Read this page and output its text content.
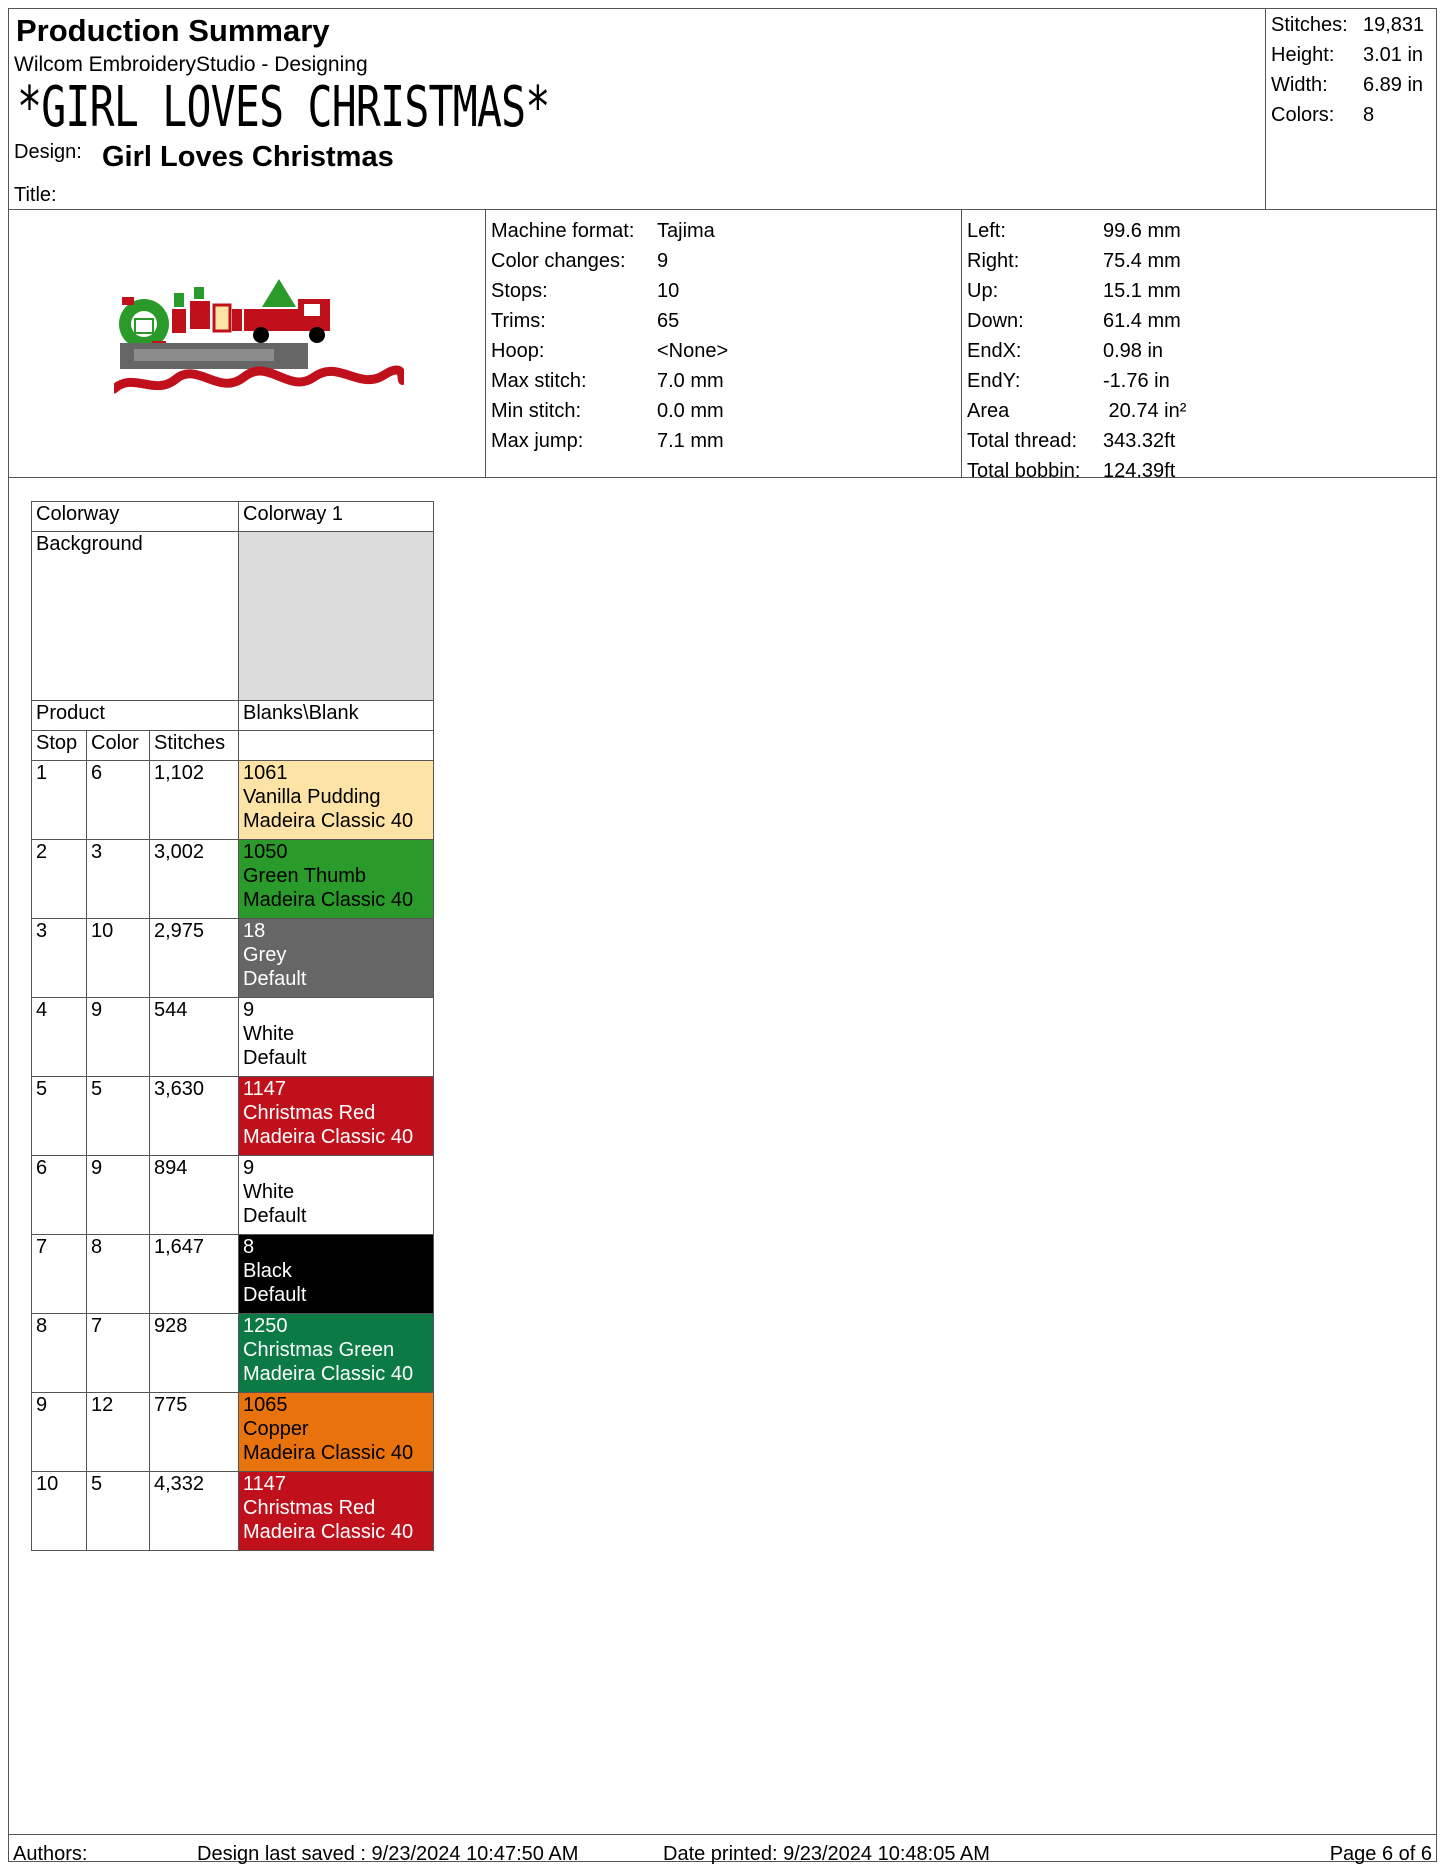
Production Summary
Wilcom EmbroideryStudio - Designing
*GIRL LOVES CHRISTMAS*
Design: Girl Loves Christmas
Title:
Stitches: 19,831
Height: 3.01 in
Width: 6.89 in
Colors: 8
Machine format: Tajima
Color changes: 9
Stops:	10
Trims:	65
Hoop:	<None>
Max stitch:	7.0 mm
Min stitch:	0.0 mm
Max jump:	7.1 mm
Left:	99.6 mm
Right:	75.4 mm
Up:	15.1 mm
Down:	61.4 mm
EndX:	0.98 in
EndY:	-1.76 in
Area	20.74 in²
Total thread: 343.32ft
Total bobbin: 124.39ft
Colorway			Colorway 1
Background			
Product			Blanks\Blank
Stop	Color	Stitches	
1	6	1,102	1061
Vanilla Pudding
Madeira Classic 40

2	3	3,002	1050
Green Thumb
Madeira Classic 40

3	10	2,975	18
Grey
Default

4	9	544	9
White
Default

5	5	3,630	1147
Christmas Red
Madeira Classic 40

6	9	894	9
White
Default

7	8	1,647	8
Black
Default

8	7	928	1250
Christmas Green
Madeira Classic 40

9	12	775	1065
Copper
Madeira Classic 40

10	5	4,332	1147
Christmas Red
Madeira Classic 40
Authors:	Design last saved : 9/23/2024 10:47:50 AM	Date printed: 9/23/2024 10:48:05 AM	Page 6 of 6
